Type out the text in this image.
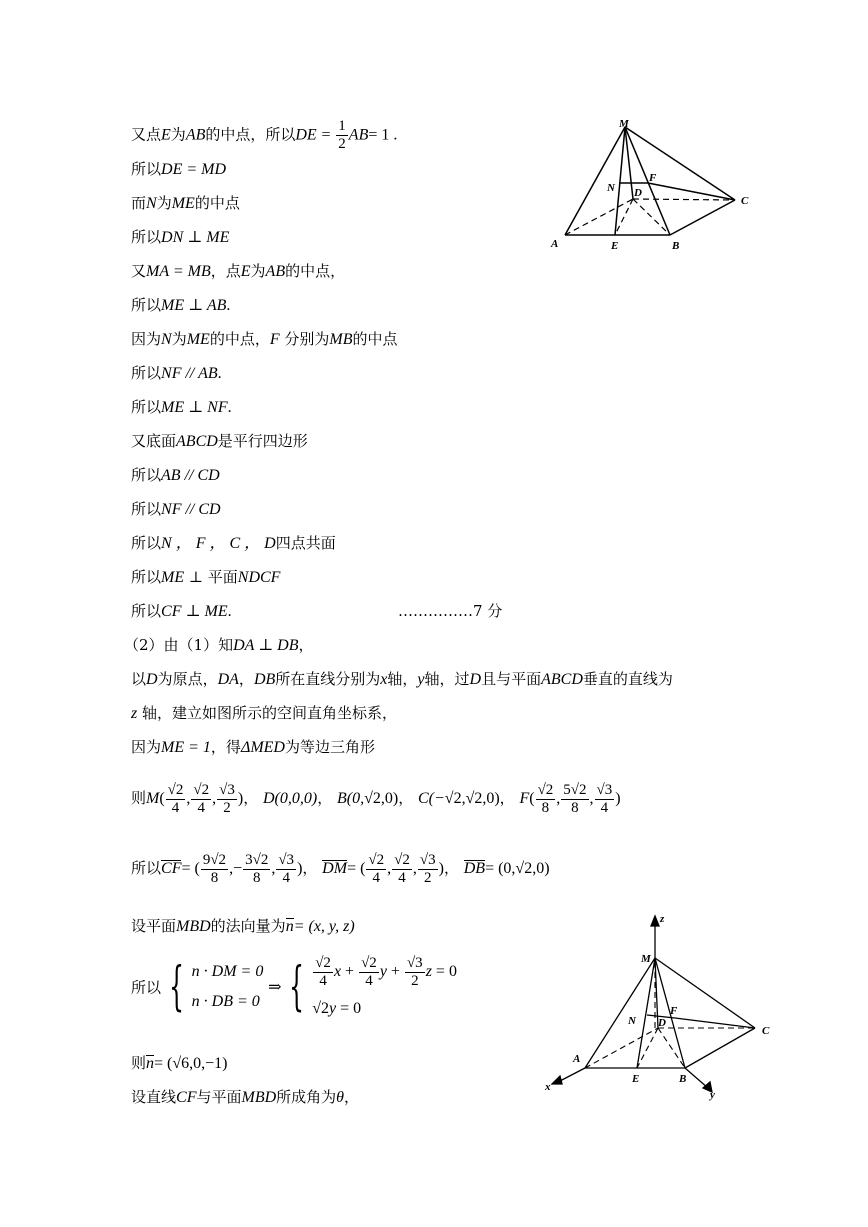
又点E为AB的中点，所以DE = $\frac{1}{2} AB= 1$ .
所以DE = MD
而N为ME的中点
所以DN ⊥ ME
又MA = MB，点E为AB的中点，
所以ME ⊥ AB.
因为N为ME的中点，F 分别为MB的中点
所以NF // AB.
所以ME ⊥ NF.
又底面ABCD是平行四边形
所以AB // CD
所以NF // CD
所以N ， F ， C ， D四点共面
所以ME ⊥ 平面NDCF
所以CF ⊥ ME.	……………7 分
（2）由（1）知DA ⊥ DB，
以D为原点，DA，DB所在直线分别为x轴，y轴，过D且与平面ABCD垂直的直线为
z 轴，建立如图所示的空间直角坐标系，
因为ME = 1，得ΔMED为等边三角形
则$M( \frac{√2}{4}$ , $\frac{√2}{4}$ , $\frac{√3}{2}$ )， D(0,0,0)， B(0,√2,0)， C(−√2,√2,0)， $F( \frac{√2}{8}$ , $\frac{5√2}{8}$ , $\frac{√3}{4}$ )
所以CF= ( $\frac{9√2}{8}$ ,− $\frac{3√2}{8}$ , $\frac{√3}{4}$ )， DM= ( $\frac{√2}{4}$ , $\frac{√2}{4}$ , $\frac{√3}{2}$ )， DB= (0,√2,0)
设平面MBD的法向量为n= (x, y, z)
所以 { n · DM = 0
n · DB = 0
⇒ { $\frac{√2}{4}$ $x + \frac{√2}{4}$ $y + \frac{√3}{2}$ z = 0
√2 y = 0
则n= (√6,0,−1)
设直线CF与平面MBD所成角为θ，
M
N
F
D
C
A	E	B
z
M
N
F
D
C
A
E	B
x
y
